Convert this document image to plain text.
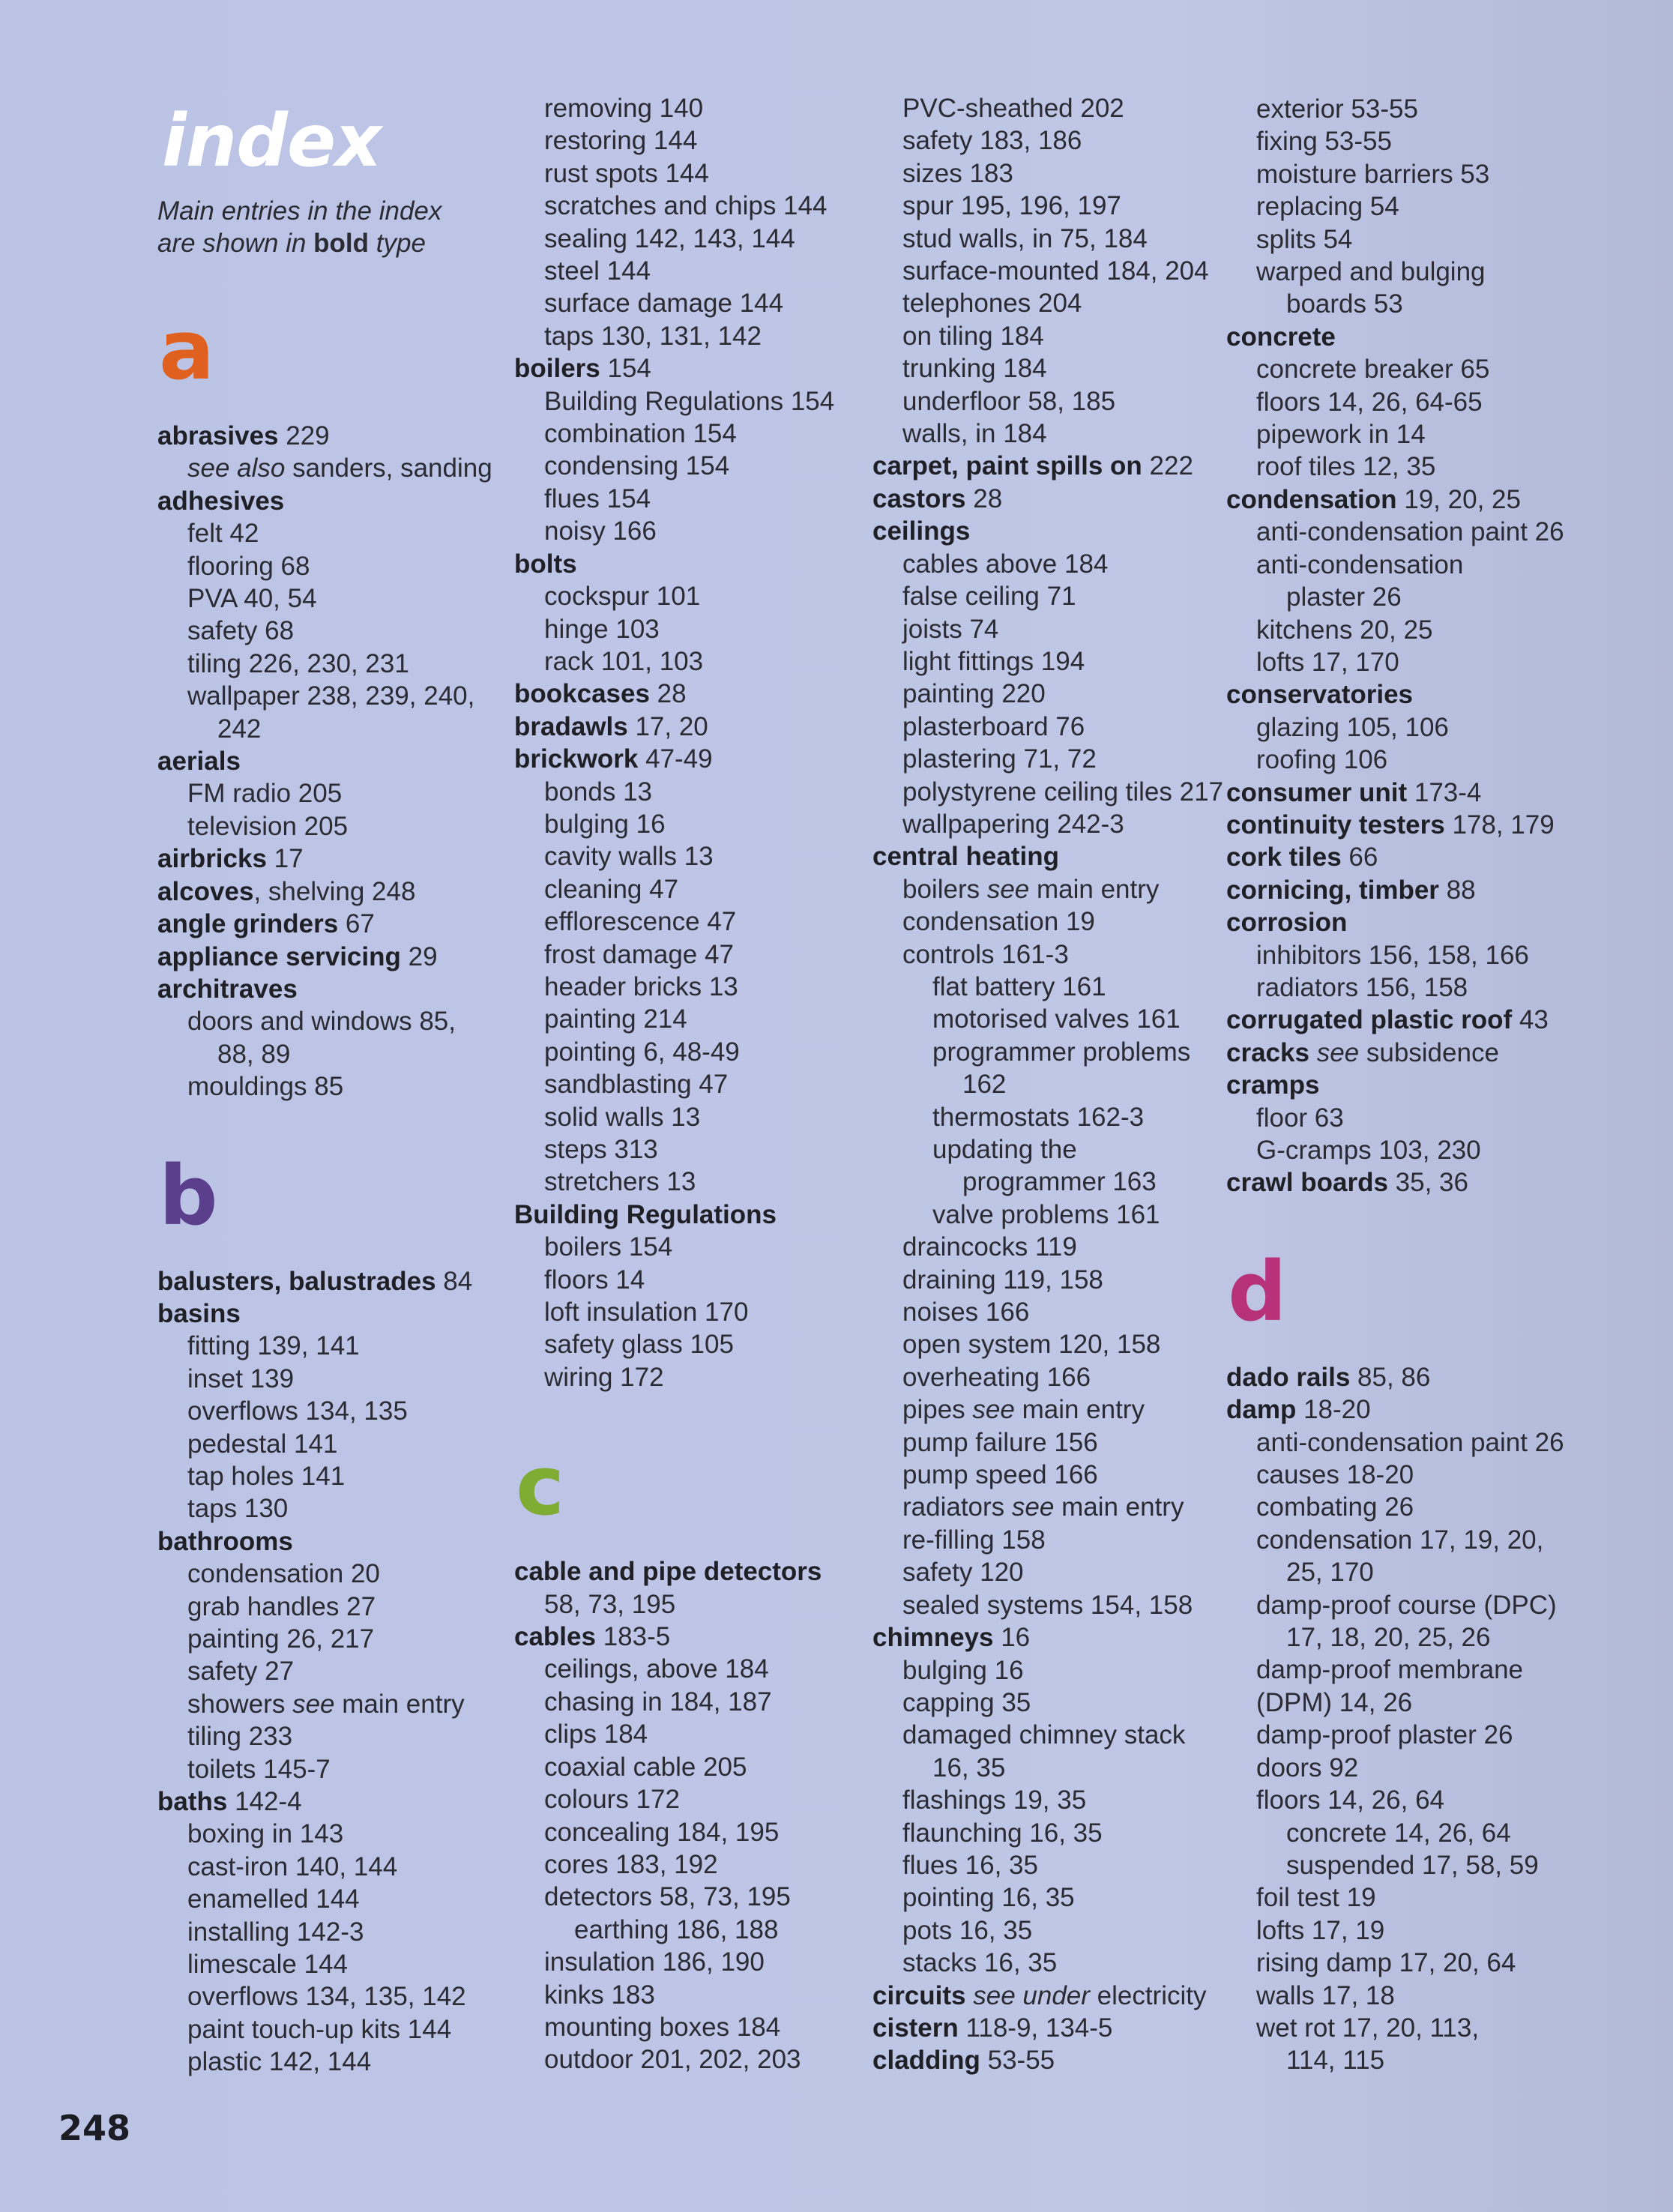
index
Main entries in the index
are shown in bold type
a
abrasives 229
see also sanders, sanding
adhesives
felt 42
flooring 68
PVA 40, 54
safety 68
tiling 226, 230, 231
wallpaper 238, 239, 240,
242
aerials
FM radio 205
television 205
airbricks 17
alcoves, shelving 248
angle grinders 67
appliance servicing 29
architraves
doors and windows 85,
88, 89
mouldings 85
b
balusters, balustrades 84
basins
fitting 139, 141
inset 139
overflows 134, 135
pedestal 141
tap holes 141
taps 130
bathrooms
condensation 20
grab handles 27
painting 26, 217
safety 27
showers see main entry
tiling 233
toilets 145-7
baths 142-4
boxing in 143
cast-iron 140, 144
enamelled 144
installing 142-3
limescale 144
overflows 134, 135, 142
paint touch-up kits 144
plastic 142, 144
removing 140
restoring 144
rust spots 144
scratches and chips 144
sealing 142, 143, 144
steel 144
surface damage 144
taps 130, 131, 142
boilers 154
Building Regulations 154
combination 154
condensing 154
flues 154
noisy 166
bolts
cockspur 101
hinge 103
rack 101, 103
bookcases 28
bradawls 17, 20
brickwork 47-49
bonds 13
bulging 16
cavity walls 13
cleaning 47
efflorescence 47
frost damage 47
header bricks 13
painting 214
pointing 6, 48-49
sandblasting 47
solid walls 13
steps 313
stretchers 13
Building Regulations
boilers 154
floors 14
loft insulation 170
safety glass 105
wiring 172
c
cable and pipe detectors
58, 73, 195
cables 183-5
ceilings, above 184
chasing in 184, 187
clips 184
coaxial cable 205
colours 172
concealing 184, 195
cores 183, 192
detectors 58, 73, 195
earthing 186, 188
insulation 186, 190
kinks 183
mounting boxes 184
outdoor 201, 202, 203
PVC-sheathed 202
safety 183, 186
sizes 183
spur 195, 196, 197
stud walls, in 75, 184
surface-mounted 184, 204
telephones 204
on tiling 184
trunking 184
underfloor 58, 185
walls, in 184
carpet, paint spills on 222
castors 28
ceilings
cables above 184
false ceiling 71
joists 74
light fittings 194
painting 220
plasterboard 76
plastering 71, 72
polystyrene ceiling tiles 217
wallpapering 242-3
central heating
boilers see main entry
condensation 19
controls 161-3
flat battery 161
motorised valves 161
programmer problems
162
thermostats 162-3
updating the
programmer 163
valve problems 161
draincocks 119
draining 119, 158
noises 166
open system 120, 158
overheating 166
pipes see main entry
pump failure 156
pump speed 166
radiators see main entry
re-filling 158
safety 120
sealed systems 154, 158
chimneys 16
bulging 16
capping 35
damaged chimney stack
16, 35
flashings 19, 35
flaunching 16, 35
flues 16, 35
pointing 16, 35
pots 16, 35
stacks 16, 35
circuits see under electricity
cistern 118-9, 134-5
cladding 53-55
exterior 53-55
fixing 53-55
moisture barriers 53
replacing 54
splits 54
warped and bulging
boards 53
concrete
concrete breaker 65
floors 14, 26, 64-65
pipework in 14
roof tiles 12, 35
condensation 19, 20, 25
anti-condensation paint 26
anti-condensation
plaster 26
kitchens 20, 25
lofts 17, 170
conservatories
glazing 105, 106
roofing 106
consumer unit 173-4
continuity testers 178, 179
cork tiles 66
cornicing, timber 88
corrosion
inhibitors 156, 158, 166
radiators 156, 158
corrugated plastic roof 43
cracks see subsidence
cramps
floor 63
G-cramps 103, 230
crawl boards 35, 36
d
dado rails 85, 86
damp 18-20
anti-condensation paint 26
causes 18-20
combating 26
condensation 17, 19, 20,
25, 170
damp-proof course (DPC)
17, 18, 20, 25, 26
damp-proof membrane
(DPM) 14, 26
damp-proof plaster 26
doors 92
floors 14, 26, 64
concrete 14, 26, 64
suspended 17, 58, 59
foil test 19
lofts 17, 19
rising damp 17, 20, 64
walls 17, 18
wet rot 17, 20, 113,
114, 115
248
